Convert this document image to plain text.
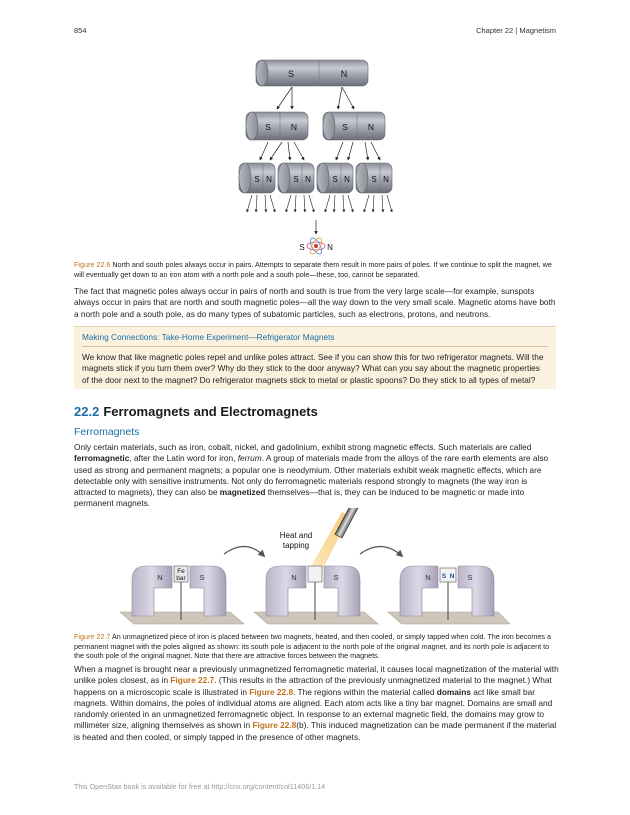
854	Chapter 22 | Magnetism
S	N
S N	S N
S N	S N	S N	S N
S	N
Figure 22.6 North and south poles always occur in pairs. Attempts to separate them result in more pairs of poles. If we continue to split the magnet, we will eventually get down to an iron atom with a north pole and a south pole—these, too, cannot be separated.
The fact that magnetic poles always occur in pairs of north and south is true from the very large scale—for example, sunspots always occur in pairs that are north and south magnetic poles—all the way down to the very small scale. Magnetic atoms have both a north pole and a south pole, as do many types of subatomic particles, such as electrons, protons, and neutrons.
Making Connections: Take-Home Experiment—Refrigerator Magnets
We know that like magnetic poles repel and unlike poles attract. See if you can show this for two refrigerator magnets. Will the magnets stick if you turn them over? Why do they stick to the door anyway? What can you say about the magnetic properties of the door next to the magnet? Do refrigerator magnets stick to metal or plastic spoons? Do they stick to all types of metal?
22.2 Ferromagnets and Electromagnets
Ferromagnets
Only certain materials, such as iron, cobalt, nickel, and gadolinium, exhibit strong magnetic effects. Such materials are called ferromagnetic, after the Latin word for iron, ferrum. A group of materials made from the alloys of the rare earth elements are also used as strong and permanent magnets; a popular one is neodymium. Other materials exhibit weak magnetic effects, which are detectable only with sensitive instruments. Not only do ferromagnetic materials respond strongly to magnets (the way iron is attracted to magnets), they can also be magnetized themselves—that is, they can be induced to be magnetic or made into permanent magnets.
N	S
Fe
bar	N	S
Heat and
tapping
N	S
S N
Figure 22.7 An unmagnetized piece of iron is placed between two magnets, heated, and then cooled, or simply tapped when cold. The iron becomes a permanent magnet with the poles aligned as shown: its south pole is adjacent to the north pole of the original magnet, and its north pole is adjacent to the south pole of the original magnet. Note that there are attractive forces between the magnets.
When a magnet is brought near a previously unmagnetized ferromagnetic material, it causes local magnetization of the material with unlike poles closest, as in Figure 22.7. (This results in the attraction of the previously unmagnetized material to the magnet.) What happens on a microscopic scale is illustrated in Figure 22.8. The regions within the material called domains act like small bar magnets. Within domains, the poles of individual atoms are aligned. Each atom acts like a tiny bar magnet. Domains are small and randomly oriented in an unmagnetized ferromagnetic object. In response to an external magnetic field, the domains may grow to millimeter size, aligning themselves as shown in Figure 22.8(b). This induced magnetization can be made permanent if the material is heated and then cooled, or simply tapped in the presence of other magnets.
This OpenStax book is available for free at http://cnx.org/content/col11406/1.14
